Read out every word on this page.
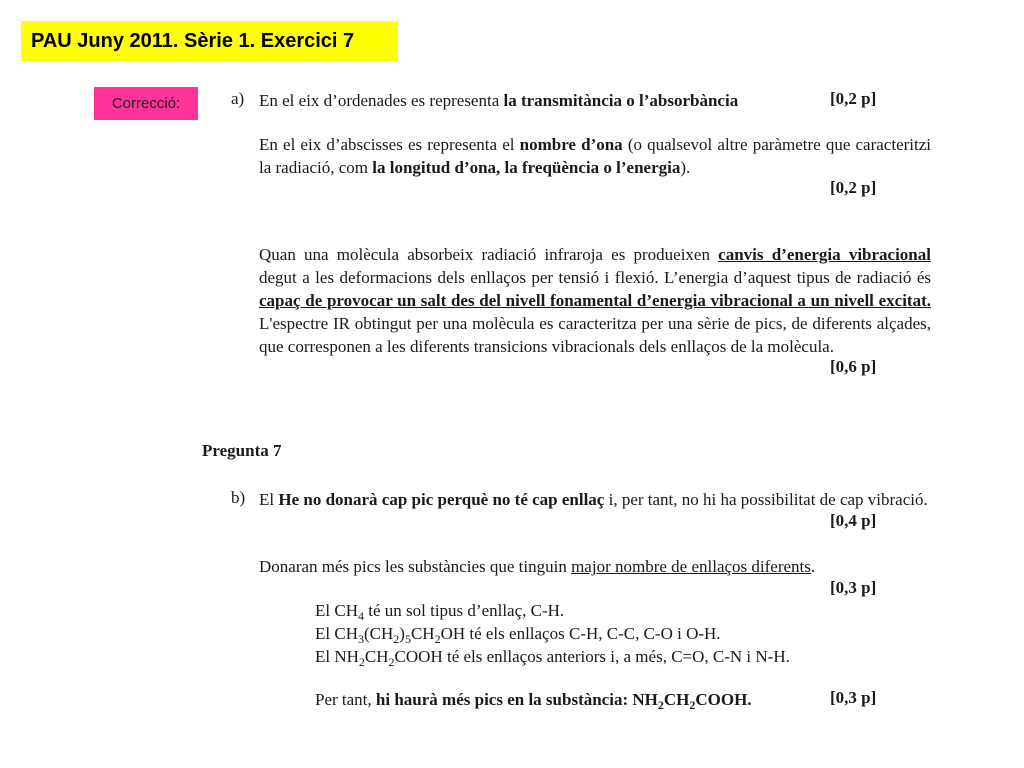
PAU Juny 2011. Sèrie 1. Exercici 7
Correcció:	a) En el eix d’ordenades es representa la transmitància o l’absorbància	[0,2 p]
En el eix d’abscisses es representa el nombre d’ona (o qualsevol altre paràmetre que caracteritzi la radiació, com la longitud d’ona, la freqüència o l’energia).
[0,2 p]
Quan una molècula absorbeix radiació infraroja es produeixen canvis d’energia vibracional degut a les deformacions dels enllaços per tensió i flexió. L’energia d’aquest tipus de radiació és capaç de provocar un salt des del nivell fonamental d’energia vibracional a un nivell excitat. L'espectre IR obtingut per una molècula es caracteritza per una sèrie de pics, de diferents alçades, que corresponen a les diferents transicions vibracionals dels enllaços de la molècula.
[0,6 p]
Pregunta 7
b) El He no donarà cap pic perquè no té cap enllaç i, per tant, no hi ha possibilitat de cap vibració.
[0,4 p]
Donaran més pics les substàncies que tinguin major nombre de enllaços diferents.
[0,3 p]
El $CH_4$ té un sol tipus d’enllaç, C-H.
El $CH_3(CH_2)_5CH_2OH$ té els enllaços C-H, C-C, C-O i O-H.
El $NH_2CH_2COOH$ té els enllaços anteriors i, a més, C=O, C-N i N-H.
Per tant, hi haurà més pics en la substància: $NH_2CH_2COOH$.	[0,3 p]
